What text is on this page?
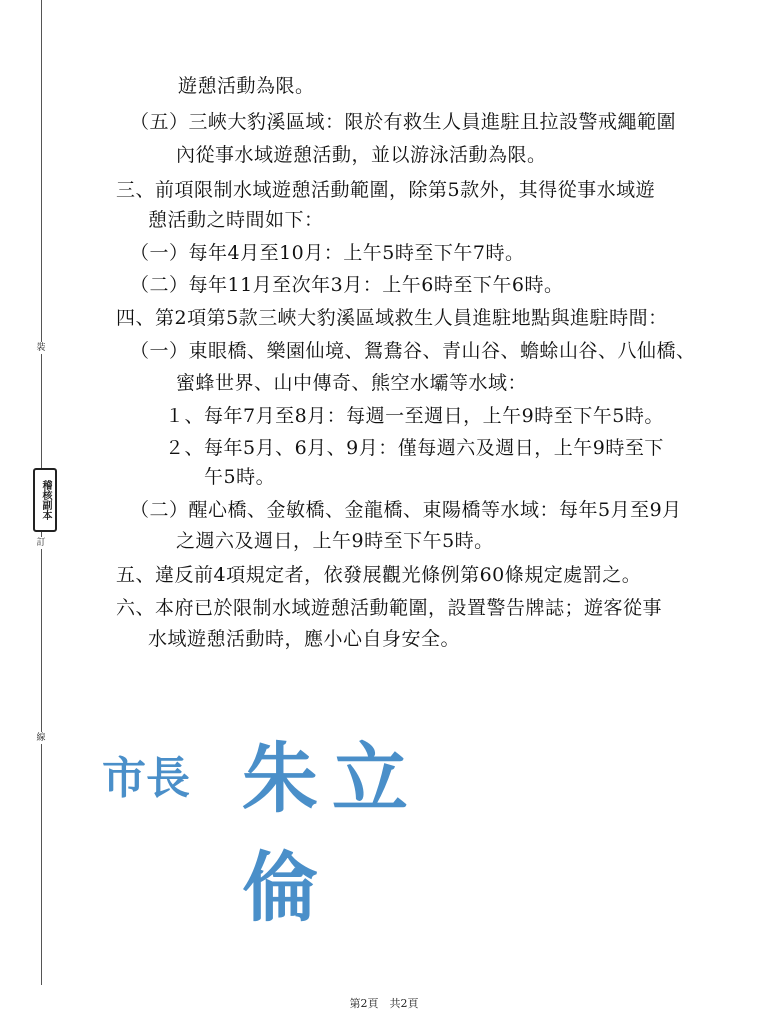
裝
稽核副本
訂
線
遊憩活動為限。
（五）三峽大豹溪區域：限於有救生人員進駐且拉設警戒繩範圍
內從事水域遊憩活動，並以游泳活動為限。
三、前項限制水域遊憩活動範圍，除第5款外，其得從事水域遊
憩活動之時間如下：
（一）每年4月至10月：上午5時至下午7時。
（二）每年11月至次年3月：上午6時至下午6時。
四、第2項第5款三峽大豹溪區域救生人員進駐地點與進駐時間：
（一）東眼橋、樂園仙境、鴛鴦谷、青山谷、蟾蜍山谷、八仙橋、
蜜蜂世界、山中傳奇、熊空水壩等水域：
１、每年7月至8月：每週一至週日，上午9時至下午5時。
２、每年5月、6月、9月：僅每週六及週日，上午9時至下
午5時。
（二）醒心橋、金敏橋、金龍橋、東陽橋等水域：每年5月至9月
之週六及週日，上午9時至下午5時。
五、違反前4項規定者，依發展觀光條例第60條規定處罰之。
六、本府已於限制水域遊憩活動範圍，設置警告牌誌；遊客從事
水域遊憩活動時，應小心自身安全。
市長 朱立倫
第2頁　共2頁
